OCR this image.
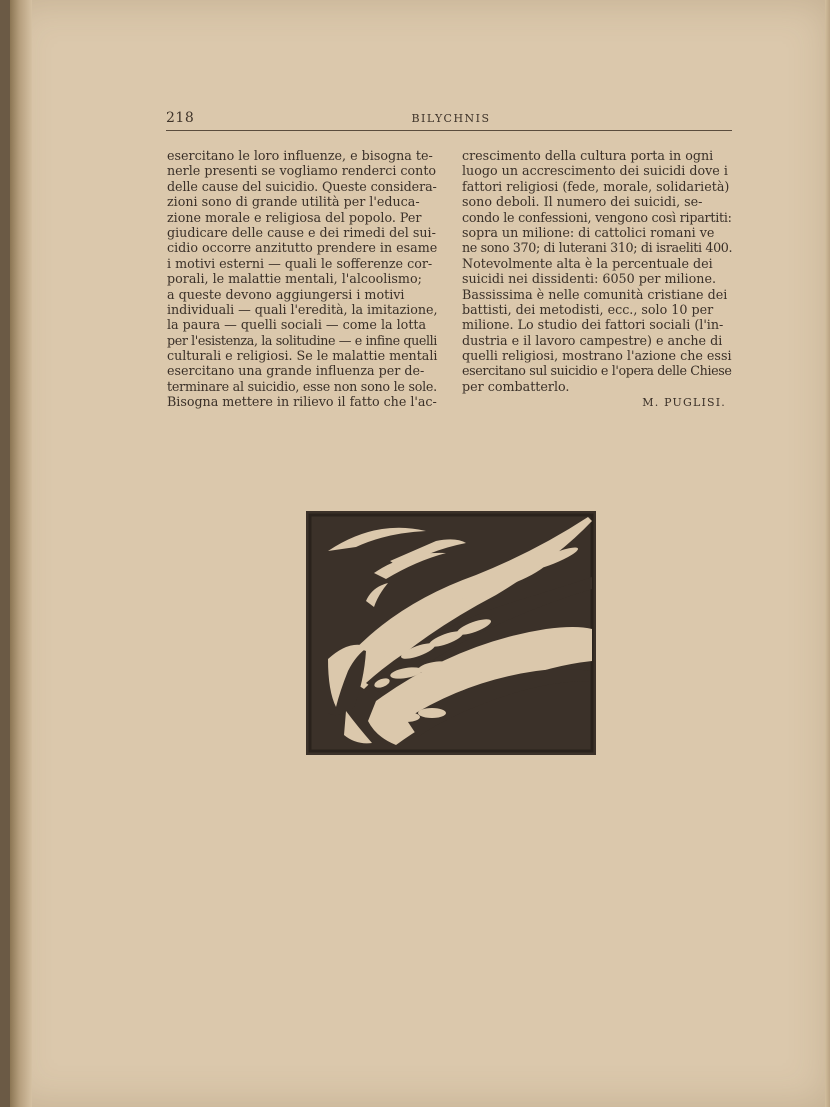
218	BILYCHNIS
esercitano le loro influenze, e bisogna te-
nerle presenti se vogliamo renderci conto
delle cause del suicidio. Queste considera-
zioni sono di grande utilità per l'educa-
zione morale e religiosa del popolo. Per
giudicare delle cause e dei rimedi del sui-
cidio occorre anzitutto prendere in esame
i motivi esterni — quali le sofferenze cor-
porali, le malattie mentali, l'alcoolismo;
a queste devono aggiungersi i motivi
individuali — quali l'eredità, la imitazione,
la paura — quelli sociali — come la lotta
per l'esistenza, la solitudine — e infine quelli
culturali e religiosi. Se le malattie mentali
esercitano una grande influenza per de-
terminare al suicidio, esse non sono le sole.
Bisogna mettere in rilievo il fatto che l'ac-
crescimento della cultura porta in ogni
luogo un accrescimento dei suicidi dove i
fattori religiosi (fede, morale, solidarietà)
sono deboli. Il numero dei suicidi, se-
condo le confessioni, vengono così ripartiti:
sopra un milione: di cattolici romani ve
ne sono 370; di luterani 310; di israeliti 400.
Notevolmente alta è la percentuale dei
suicidi nei dissidenti: 6050 per milione.
Bassissima è nelle comunità cristiane dei
battisti, dei metodisti, ecc., solo 10 per
milione. Lo studio dei fattori sociali (l'in-
dustria e il lavoro campestre) e anche di
quelli religiosi, mostrano l'azione che essi
esercitano sul suicidio e l'opera delle Chiese
per combatterlo.
M. PUGLISI.
